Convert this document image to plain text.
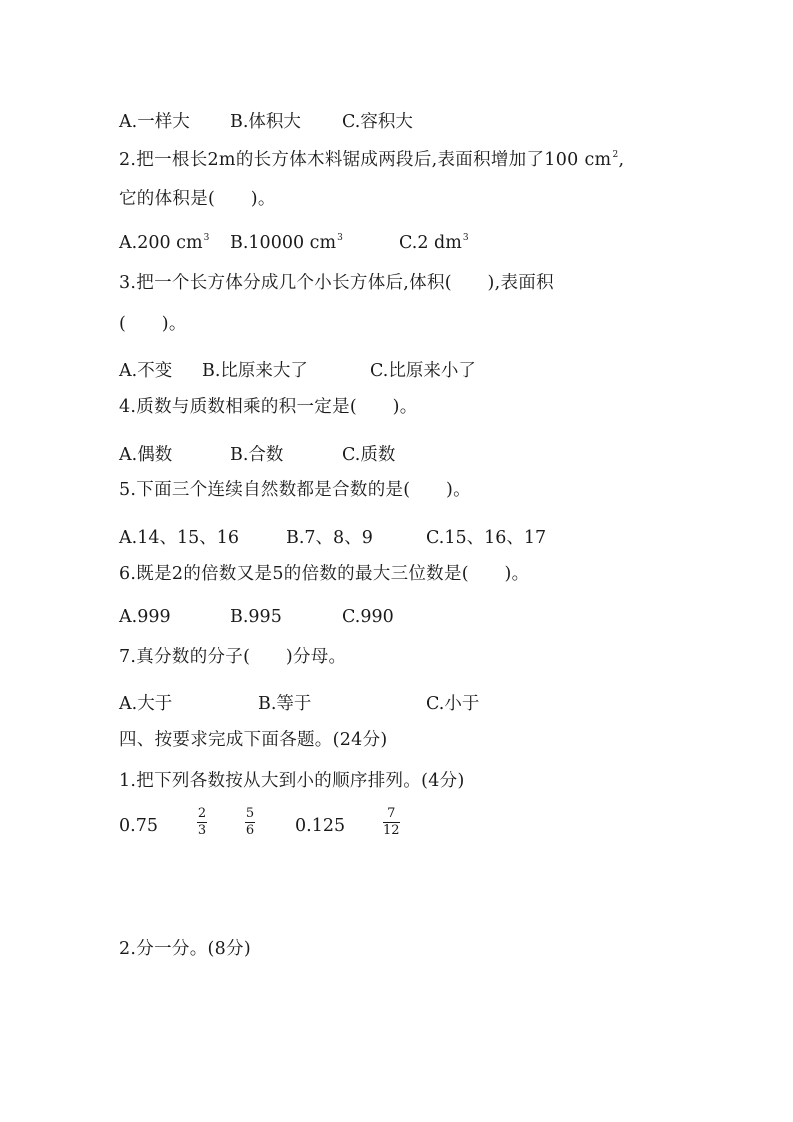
A.一样大 B.体积大 C.容积大
2.把一根长2m的长方体木料锯成两段后,表面积增加了100 $cm^2$,
它的体积是(　　)。
A.200 $cm^3$ B.10000 $cm^3$	C.2 $dm^3$
3.把一个长方体分成几个小长方体后,体积(　　),表面积
(　　)。
A.不变 B.比原来大了	C.比原来小了
4.质数与质数相乘的积一定是(　　)。
A.偶数	B.合数	C.质数
5.下面三个连续自然数都是合数的是(　　)。
A.14、15、16	B.7、8、9	C.15、16、17
6.既是2的倍数又是5的倍数的最大三位数是(　　)。
A.999	B.995	C.990
7.真分数的分子(　　)分母。
A.大于	B.等于	C.小于
四、按要求完成下面各题。(24分)
1.把下列各数按从大到小的顺序排列。(4分)
0.75
2
3
5
6 0.125
7
12
2.分一分。(8分)
